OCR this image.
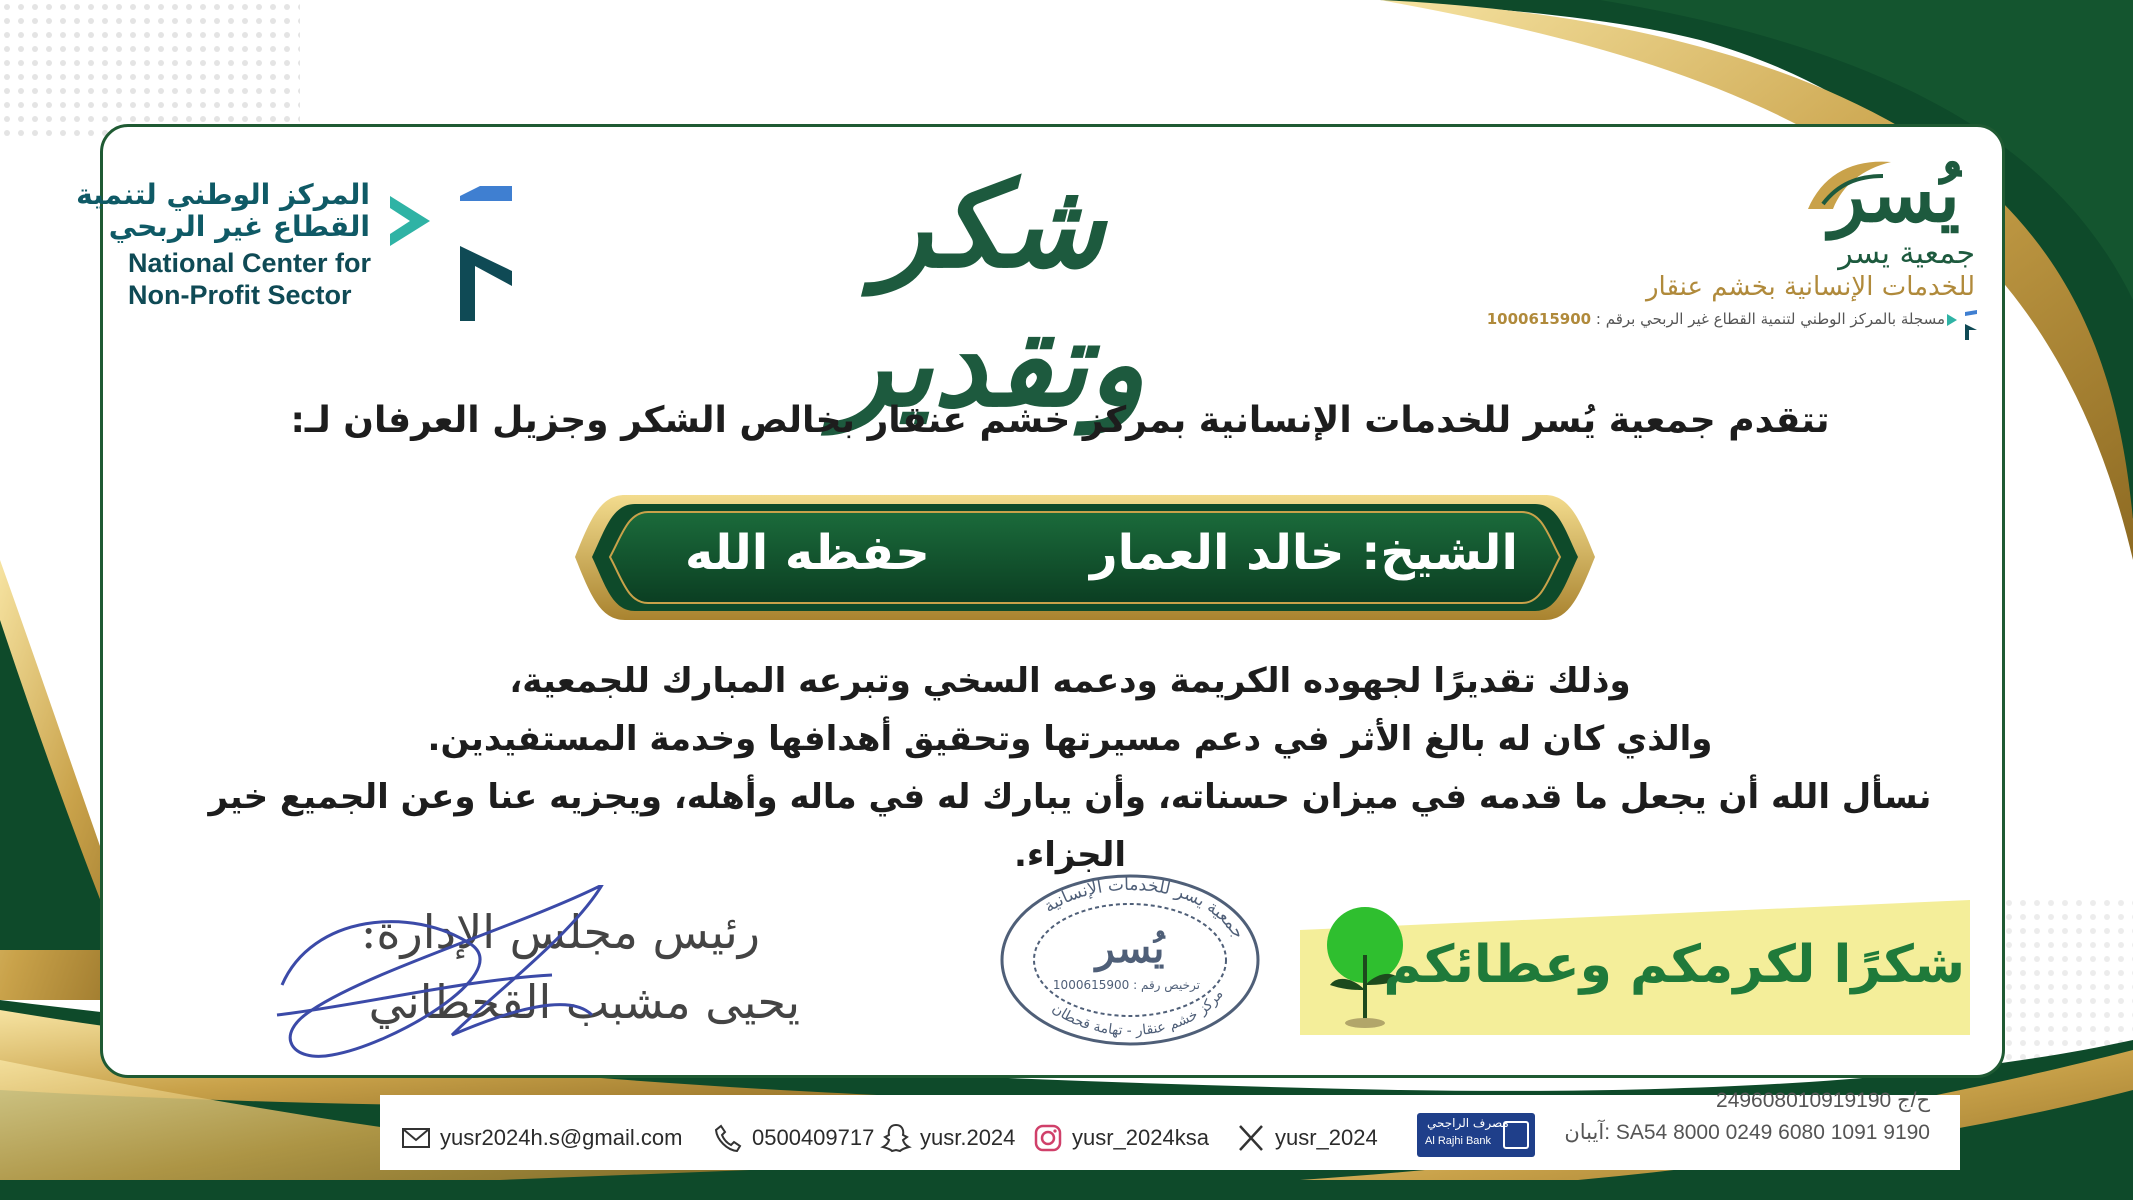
المركز الوطني لتنمية
القطاع غير الربحي
National Center for
Non-Profit Sector
شكر وتقدير
يُسر
جمعية يسر
للخدمات الإنسانية بخشم عنقار
مسجلة بالمركز الوطني لتنمية القطاع غير الربحي برقم : 1000615900
تتقدم جمعية يُسر للخدمات الإنسانية بمركز خشم عنقار بخالص الشكر وجزيل العرفان لـ:
الشيخ: خالد العمار
حفظه الله
وذلك تقديرًا لجهوده الكريمة ودعمه السخي وتبرعه المبارك للجمعية،
والذي كان له بالغ الأثر في دعم مسيرتها وتحقيق أهدافها وخدمة المستفيدين.
نسأل الله أن يجعل ما قدمه في ميزان حسناته، وأن يبارك له في ماله وأهله، ويجزيه عنا وعن الجميع خير الجزاء.
رئيس مجلس الإدارة:
يحيى مشبب القحطاني
جمعية يسر للخدمات الإنسانية
مركز خشم عنقار - تهامة قحطان
يُسر
ترخيص رقم : 1000615900	شكرًا لكرمكم وعطائكم
yusr2024h.s@gmail.com	0500409717 yusr.2024	yusr_2024ksa	yusr_2024
مصرف الراجحي
Al Rajhi Bank
ح/ج 249608010919190
آيبان: SA54 8000 0249 6080 1091 9190
